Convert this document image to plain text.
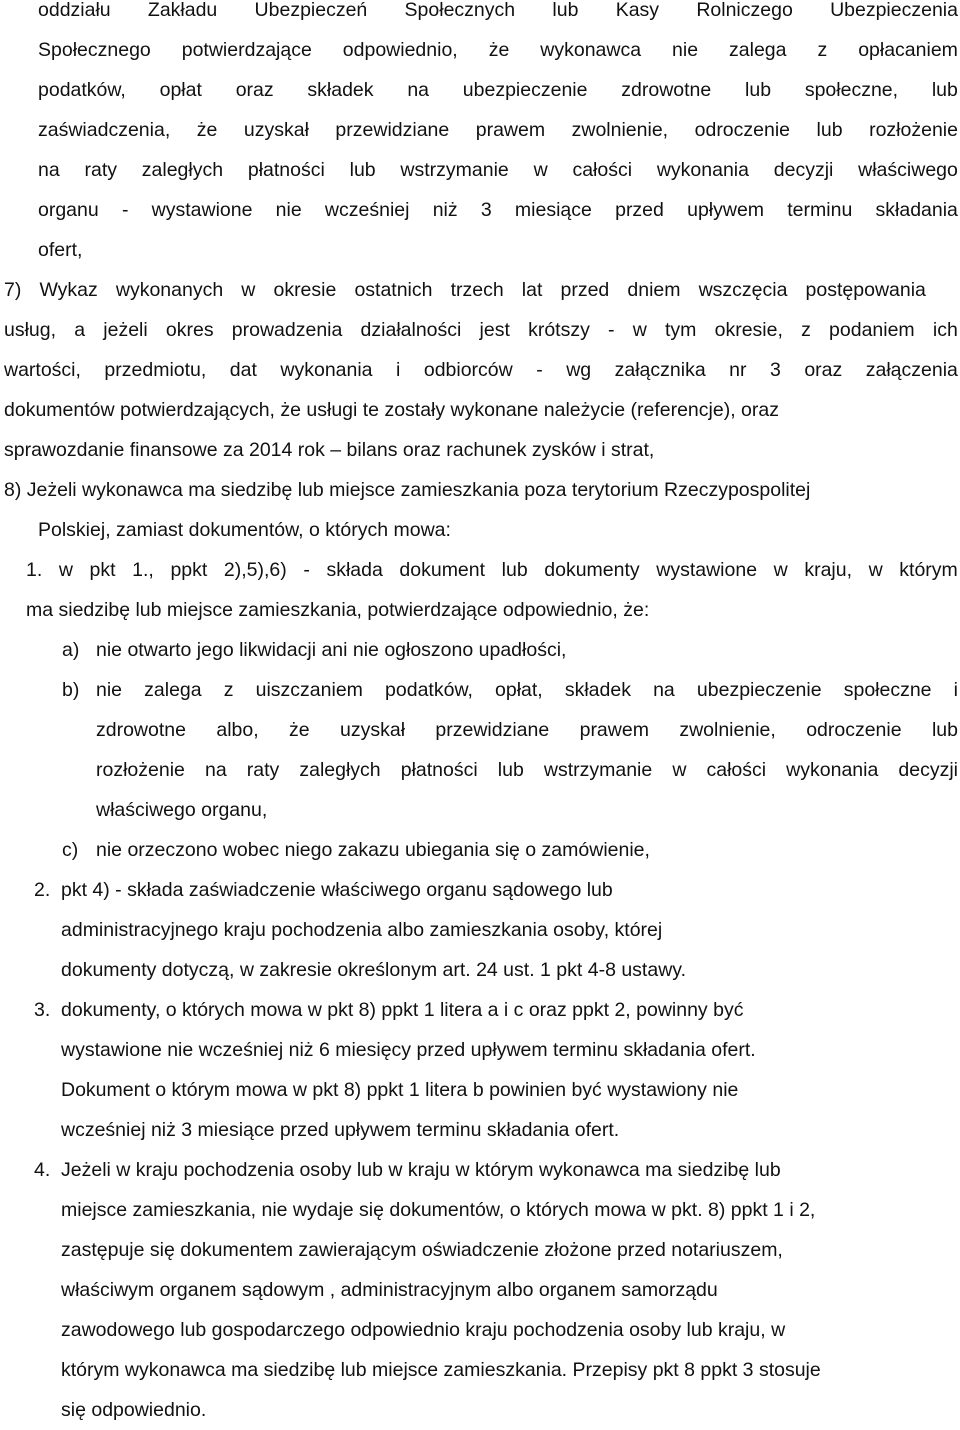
oddziału Zakładu Ubezpieczeń Społecznych lub Kasy Rolniczego Ubezpieczenia
Społecznego potwierdzające odpowiednio, że wykonawca nie zalega z opłacaniem
podatków, opłat oraz składek na ubezpieczenie zdrowotne lub społeczne, lub
zaświadczenia, że uzyskał przewidziane prawem zwolnienie, odroczenie lub rozłożenie
na raty zaległych płatności lub wstrzymanie w całości wykonania decyzji właściwego
organu - wystawione nie wcześniej niż 3 miesiące przed upływem terminu składania
ofert,
7) Wykaz wykonanych w okresie ostatnich trzech lat przed dniem wszczęcia postępowania
usług, a jeżeli okres prowadzenia działalności jest krótszy - w tym okresie, z podaniem ich
wartości, przedmiotu, dat wykonania i odbiorców - wg załącznika nr 3 oraz załączenia
dokumentów potwierdzających, że usługi te zostały wykonane należycie (referencje), oraz
sprawozdanie finansowe za 2014 rok – bilans oraz rachunek zysków i strat,
8) Jeżeli wykonawca ma siedzibę lub miejsce zamieszkania poza terytorium Rzeczypospolitej
Polskiej, zamiast dokumentów, o których mowa:
1. w pkt 1., ppkt 2),5),6) - składa dokument lub dokumenty wystawione w kraju, w którym
ma siedzibę lub miejsce zamieszkania, potwierdzające odpowiednio, że:
a) nie otwarto jego likwidacji ani nie ogłoszono upadłości,
b) nie zalega z uiszczaniem podatków, opłat, składek na ubezpieczenie społeczne i
zdrowotne albo, że uzyskał przewidziane prawem zwolnienie, odroczenie lub
rozłożenie na raty zaległych płatności lub wstrzymanie w całości wykonania decyzji
właściwego organu,
c) nie orzeczono wobec niego zakazu ubiegania się o zamówienie,
2. pkt 4) - składa zaświadczenie właściwego organu sądowego lub
administracyjnego kraju pochodzenia albo zamieszkania osoby, której
dokumenty dotyczą, w zakresie określonym art. 24 ust. 1 pkt 4-8 ustawy.
3. dokumenty, o których mowa w pkt 8) ppkt 1 litera a i c oraz ppkt 2, powinny być
wystawione nie wcześniej niż 6 miesięcy przed upływem terminu składania ofert.
Dokument o którym mowa w pkt 8) ppkt 1 litera b powinien być wystawiony nie
wcześniej niż 3 miesiące przed upływem terminu składania ofert.
4. Jeżeli w kraju pochodzenia osoby lub w kraju w którym wykonawca ma siedzibę lub
miejsce zamieszkania, nie wydaje się dokumentów, o których mowa w pkt. 8) ppkt 1 i 2,
zastępuje się dokumentem zawierającym oświadczenie złożone przed notariuszem,
właściwym organem sądowym , administracyjnym albo organem samorządu
zawodowego lub gospodarczego odpowiednio kraju pochodzenia osoby lub kraju, w
którym wykonawca ma siedzibę lub miejsce zamieszkania. Przepisy pkt 8 ppkt 3 stosuje
się odpowiednio.
